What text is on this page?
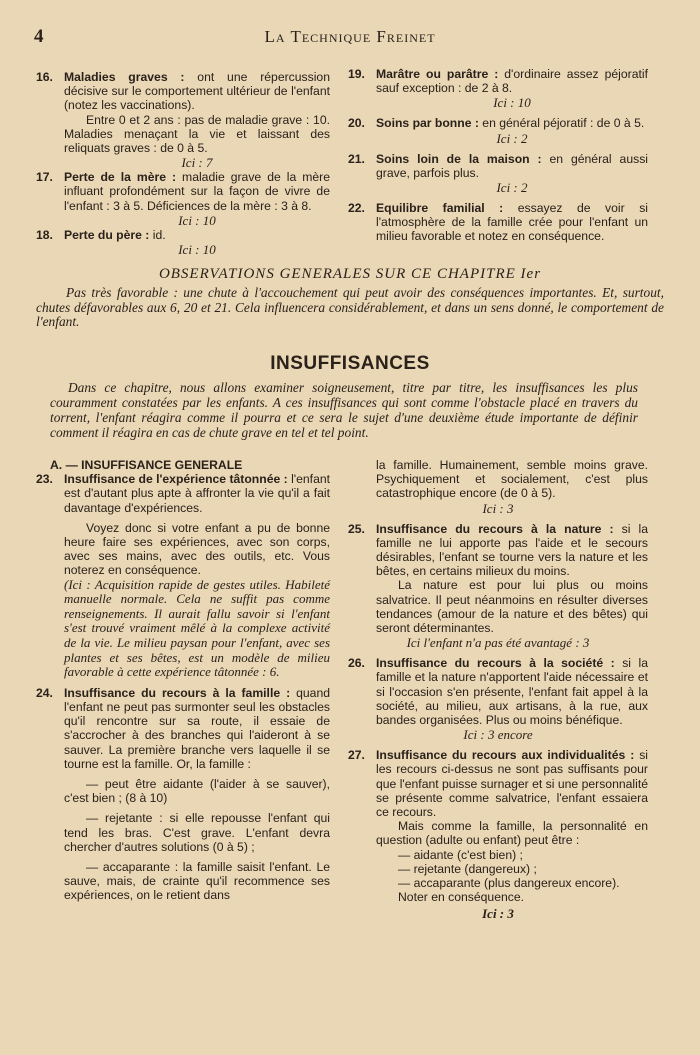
4	La Technique Freinet
16. Maladies graves : ont une répercussion décisive sur le comportement ultérieur de l'enfant (notez les vaccinations).
Entre 0 et 2 ans : pas de maladie grave : 10. Maladies menaçant la vie et laissant des reliquats graves : de 0 à 5.
Ici : 7
17. Perte de la mère : maladie grave de la mère influant profondément sur la façon de vivre de l'enfant : 3 à 5. Déficiences de la mère : 3 à 8.
Ici : 10
18. Perte du père : id.
Ici : 10
19. Marâtre ou parâtre : d'ordinaire assez péjoratif sauf exception : de 2 à 8.
Ici : 10
20. Soins par bonne : en général péjoratif : de 0 à 5.
Ici : 2
21. Soins loin de la maison : en général aussi grave, parfois plus.
Ici : 2
22. Equilibre familial : essayez de voir si l'atmosphère de la famille crée pour l'enfant un milieu favorable et notez en conséquence.
OBSERVATIONS GENERALES SUR CE CHAPITRE Ier
Pas très favorable : une chute à l'accouchement qui peut avoir des conséquences importantes. Et, surtout, chutes défavorables aux 6, 20 et 21. Cela influencera considérablement, et dans un sens donné, le comportement de l'enfant.
INSUFFISANCES
Dans ce chapitre, nous allons examiner soigneusement, titre par titre, les insuffisances les plus couramment constatées par les enfants. A ces insuffisances qui sont comme l'obstacle placé en travers du torrent, l'enfant réagira comme il pourra et ce sera le sujet d'une deuxième étude importante de définir comment il réagira en cas de chute grave en tel et tel point.
A. — INSUFFISANCE GENERALE
23. Insuffisance de l'expérience tâtonnée : l'enfant est d'autant plus apte à affronter la vie qu'il a fait davantage d'expériences.
Voyez donc si votre enfant a pu de bonne heure faire ses expériences, avec son corps, avec ses mains, avec des outils, etc. Vous noterez en conséquence.
(Ici : Acquisition rapide de gestes utiles. Habileté manuelle normale. Cela ne suffit pas comme renseignements. Il aurait fallu savoir si l'enfant s'est trouvé vraiment mêlé à la complexe activité de la vie. Le milieu paysan pour l'enfant, avec ses plantes et ses bêtes, est un modèle de milieu favorable à cette expérience tâtonnée : 6.
24. Insuffisance du recours à la famille : quand l'enfant ne peut pas surmonter seul les obstacles qu'il rencontre sur sa route, il essaie de s'accrocher à des branches qui l'aideront à se sauver. La première branche vers laquelle il se tourne est la famille. Or, la famille :
— peut être aidante (l'aider à se sauver), c'est bien ; (8 à 10)
— rejetante : si elle repousse l'enfant qui tend les bras. C'est grave. L'enfant devra chercher d'autres solutions (0 à 5) ;
— accaparante : la famille saisit l'enfant. Le sauve, mais, de crainte qu'il recommence ses expériences, on le retient dans
la famille. Humainement, semble moins grave. Psychiquement et socialement, c'est plus catastrophique encore (de 0 à 5).
Ici : 3
25. Insuffisance du recours à la nature : si la famille ne lui apporte pas l'aide et le secours désirables, l'enfant se tourne vers la nature et les bêtes, en certains milieux du moins.
La nature est pour lui plus ou moins salvatrice. Il peut néanmoins en résulter diverses tendances (amour de la nature et des bêtes) qui seront déterminantes.
Ici l'enfant n'a pas été avantagé : 3
26. Insuffisance du recours à la société : si la famille et la nature n'apportent l'aide nécessaire et si l'occasion s'en présente, l'enfant fait appel à la société, au milieu, aux artisans, à la rue, aux bandes organisées. Plus ou moins bénéfique.
Ici : 3 encore
27. Insuffisance du recours aux individualités : si les recours ci-dessus ne sont pas suffisants pour que l'enfant puisse surnager et si une personnalité se présente comme salvatrice, l'enfant essaiera ce recours.
Mais comme la famille, la personnalité en question (adulte ou enfant) peut être :
— aidante (c'est bien) ;
— rejetante (dangereux) ;
— accaparante (plus dangereux encore).
Noter en conséquence.
Ici : 3
